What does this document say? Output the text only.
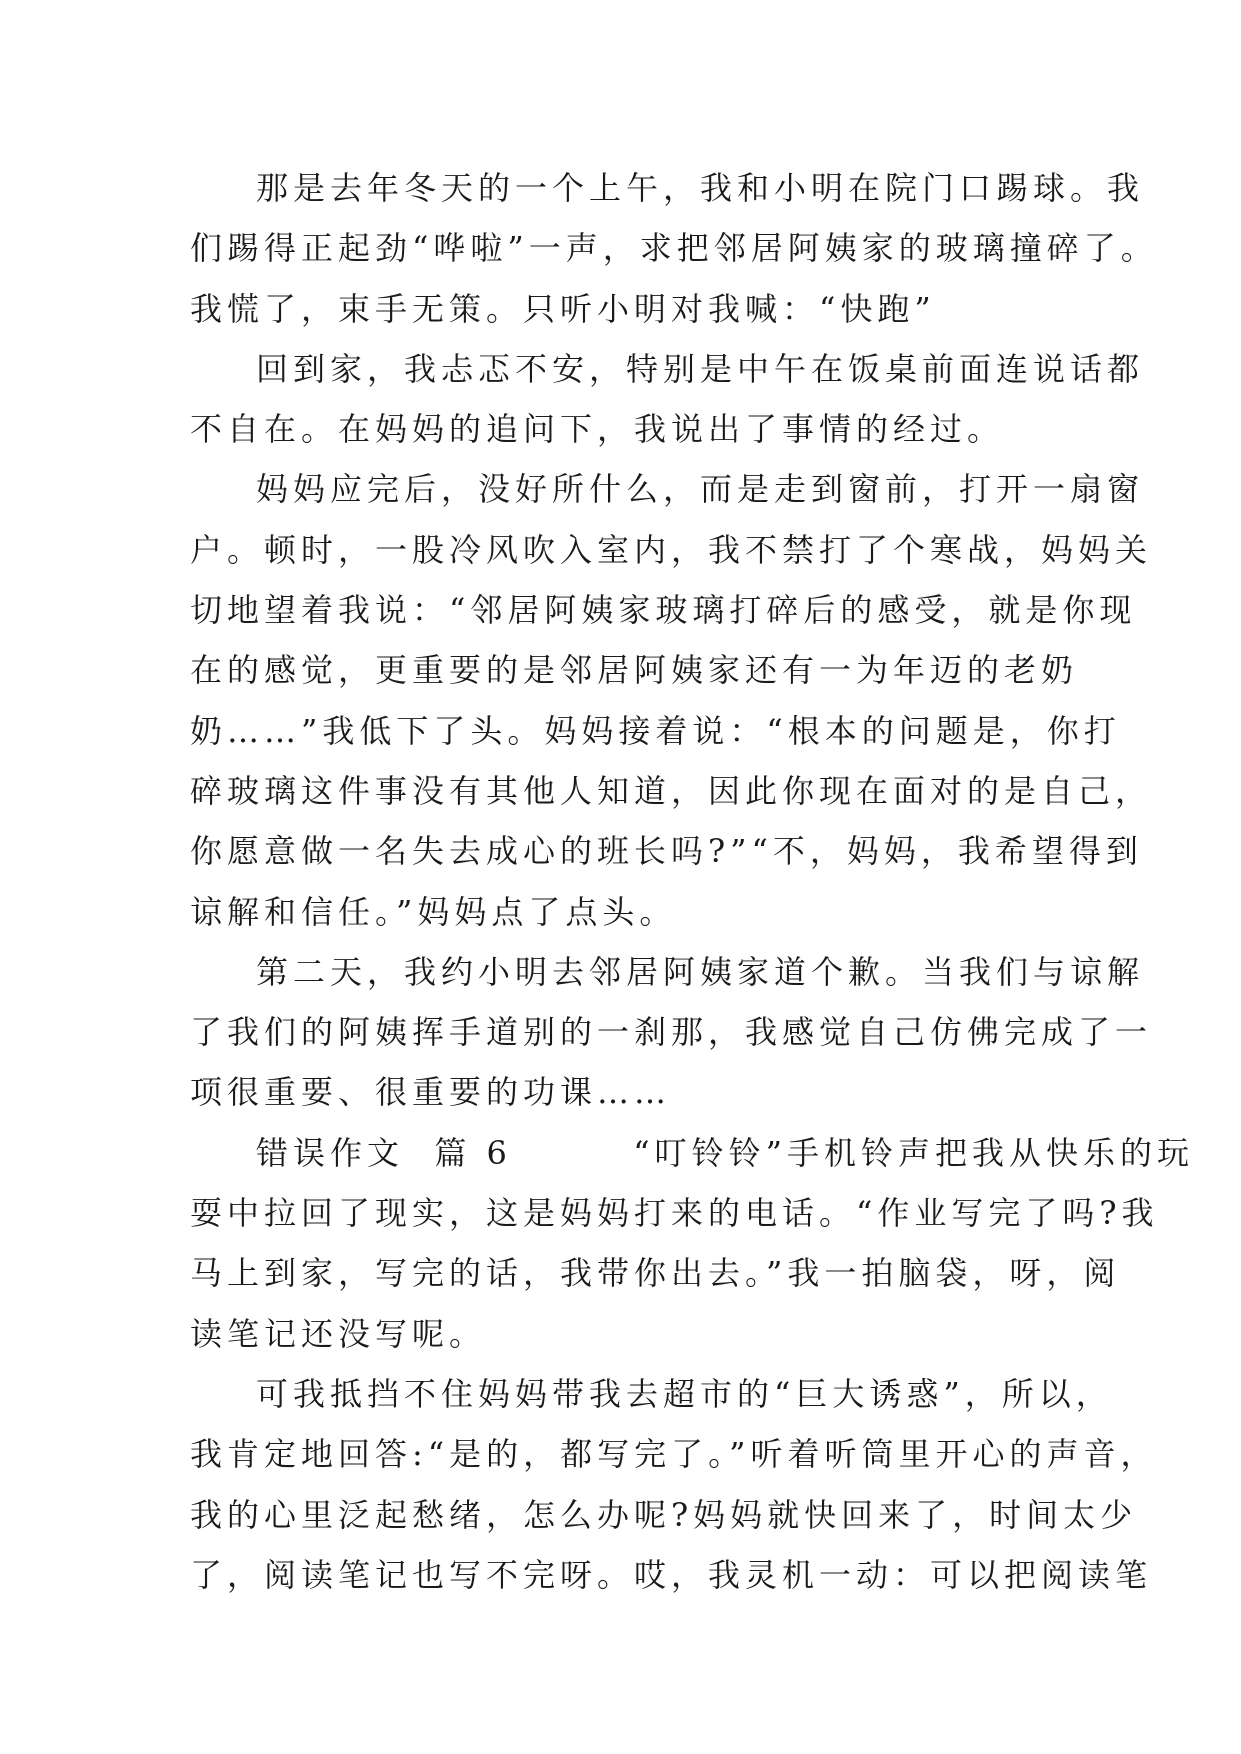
那是去年冬天的一个上午，我和小明在院门口踢球。我
们踢得正起劲“哗啦”一声，求把邻居阿姨家的玻璃撞碎了。
我慌了，束手无策。只听小明对我喊：“快跑”
回到家，我忐忑不安，特别是中午在饭桌前面连说话都
不自在。在妈妈的追问下，我说出了事情的经过。
妈妈应完后，没好所什么，而是走到窗前，打开一扇窗
户。顿时，一股冷风吹入室内，我不禁打了个寒战，妈妈关
切地望着我说：“邻居阿姨家玻璃打碎后的感受，就是你现
在的感觉，更重要的是邻居阿姨家还有一为年迈的老奶
奶……”我低下了头。妈妈接着说：“根本的问题是，你打
碎玻璃这件事没有其他人知道，因此你现在面对的是自己，
你愿意做一名失去成心的班长吗?”“不，妈妈，我希望得到
谅解和信任。”妈妈点了点头。
第二天，我约小明去邻居阿姨家道个歉。当我们与谅解
了我们的阿姨挥手道别的一刹那，我感觉自己仿佛完成了一
项很重要、很重要的功课……
错误作文  篇 6        “叮铃铃”手机铃声把我从快乐的玩
耍中拉回了现实，这是妈妈打来的电话。“作业写完了吗?我
马上到家，写完的话，我带你出去。”我一拍脑袋，呀，阅
读笔记还没写呢。
可我抵挡不住妈妈带我去超市的“巨大诱惑”，所以，
我肯定地回答:“是的，都写完了。”听着听筒里开心的声音，
我的心里泛起愁绪，怎么办呢?妈妈就快回来了，时间太少
了，阅读笔记也写不完呀。哎，我灵机一动：可以把阅读笔
